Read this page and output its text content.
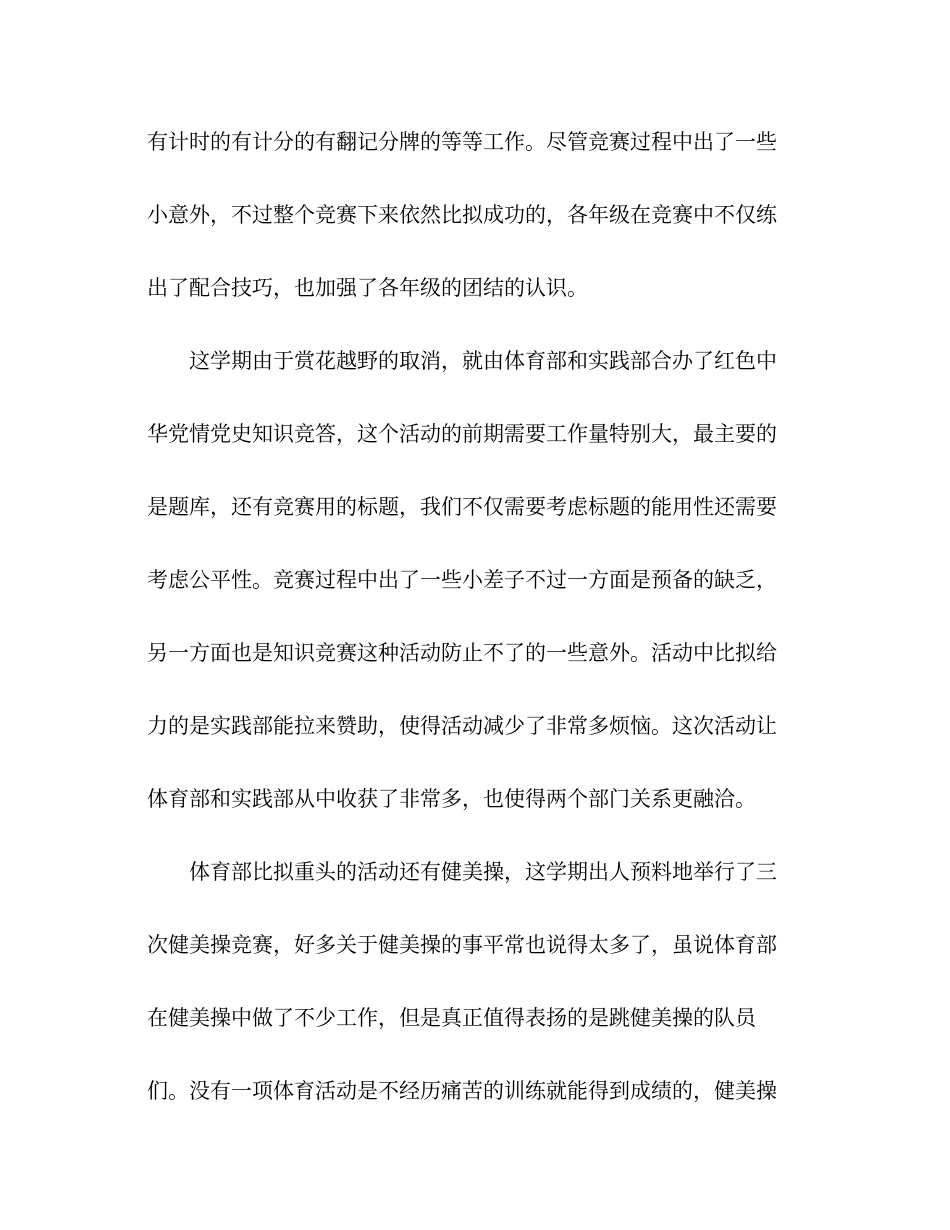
有计时的有计分的有翻记分牌的等等工作。尽管竞赛过程中出了一些
小意外，不过整个竞赛下来依然比拟成功的，各年级在竞赛中不仅练
出了配合技巧，也加强了各年级的团结的认识。
这学期由于赏花越野的取消，就由体育部和实践部合办了红色中
华党情党史知识竞答，这个活动的前期需要工作量特别大，最主要的
是题库，还有竞赛用的标题，我们不仅需要考虑标题的能用性还需要
考虑公平性。竞赛过程中出了一些小差子不过一方面是预备的缺乏，
另一方面也是知识竞赛这种活动防止不了的一些意外。活动中比拟给
力的是实践部能拉来赞助，使得活动减少了非常多烦恼。这次活动让
体育部和实践部从中收获了非常多，也使得两个部门关系更融洽。
体育部比拟重头的活动还有健美操，这学期出人预料地举行了三
次健美操竞赛，好多关于健美操的事平常也说得太多了，虽说体育部
在健美操中做了不少工作，但是真正值得表扬的是跳健美操的队员
们。没有一项体育活动是不经历痛苦的训练就能得到成绩的，健美操
